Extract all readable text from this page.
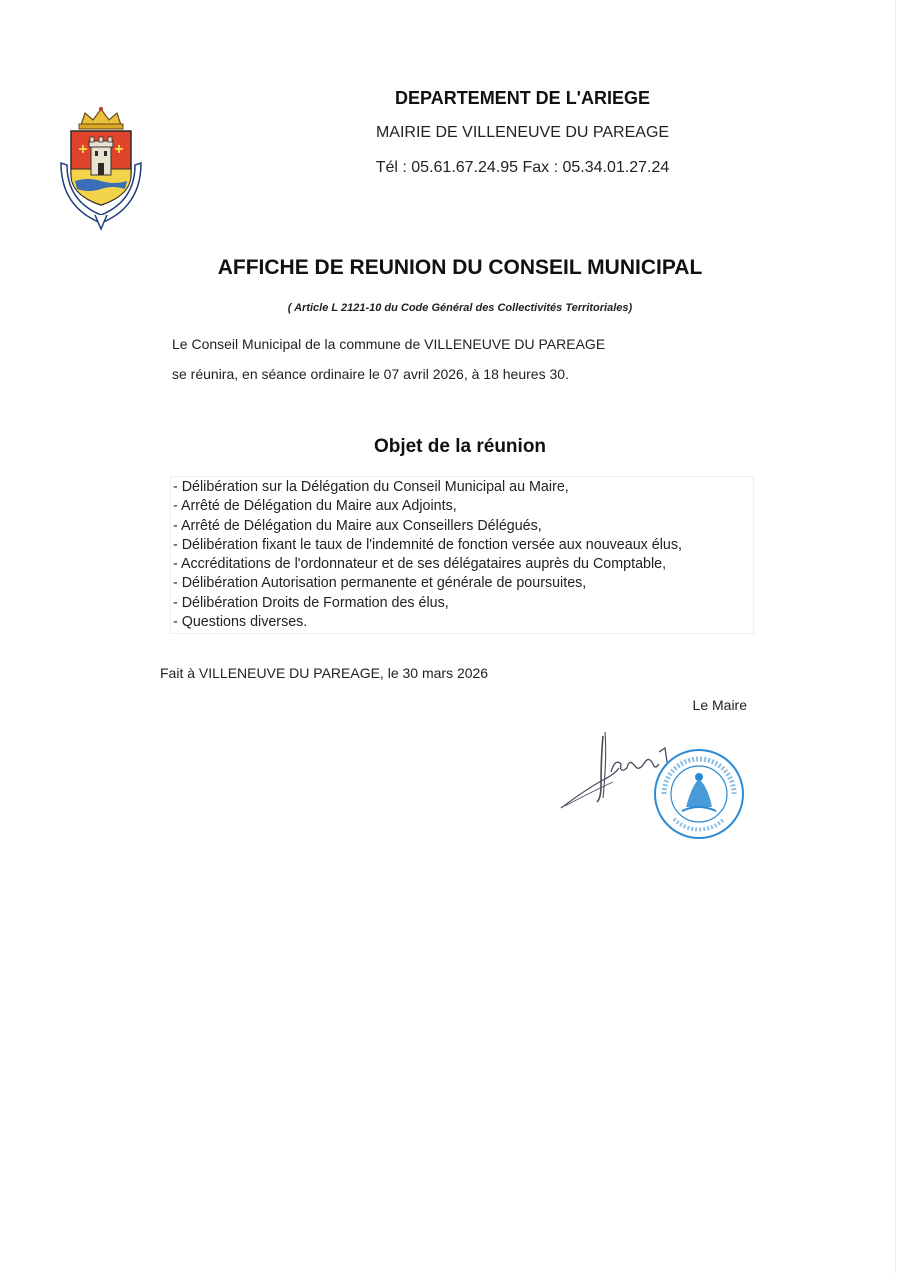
DEPARTEMENT DE L'ARIEGE
MAIRIE DE VILLENEUVE DU PAREAGE
Tél : 05.61.67.24.95 Fax : 05.34.01.27.24
AFFICHE DE REUNION DU CONSEIL MUNICIPAL
( Article L 2121-10 du Code Général des Collectivités Territoriales)
Le Conseil Municipal de la commune de VILLENEUVE DU PAREAGE
se réunira, en séance ordinaire le 07 avril 2026, à 18 heures 30.
Objet de la réunion
- Délibération sur la Délégation du Conseil Municipal au Maire,
- Arrêté de Délégation du Maire aux Adjoints,
- Arrêté de Délégation du Maire aux Conseillers Délégués,
- Délibération fixant le taux de l'indemnité de fonction versée aux nouveaux élus,
- Accréditations de l'ordonnateur et de ses délégataires auprès du Comptable,
- Délibération Autorisation permanente et générale de poursuites,
- Délibération Droits de Formation des élus,
- Questions diverses.
Fait à VILLENEUVE DU PAREAGE, le 30 mars 2026
Le Maire
